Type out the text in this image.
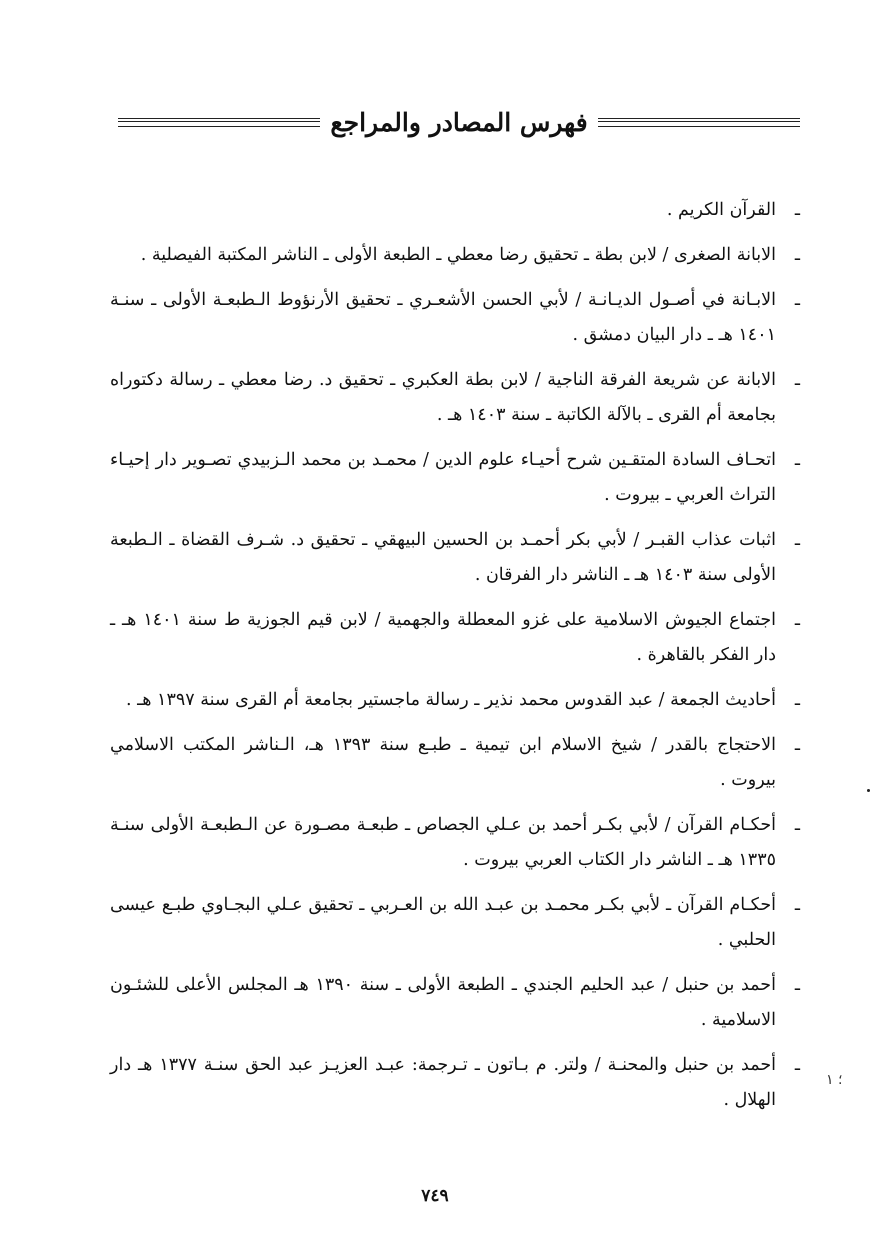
فهرس المصادر والمراجع
ـ
القرآن الكريم .
ـ
الابانة الصغرى / لابن بطة ـ تحقيق رضا معطي ـ الطبعة الأولى ـ الناشر المكتبة الفيصلية .
ـ
الابـانة في أصـول الديـانـة / لأبي الحسن الأشعـري ـ تحقيق الأرنؤوط الـطبعـة الأولى ـ سنـة ١٤٠١ هـ ـ دار البيان دمشق .
ـ
الابانة عن شريعة الفرقة الناجية / لابن بطة العكبري ـ تحقيق د. رضا معطي ـ رسالة دكتوراه بجامعة أم القرى ـ بالآلة الكاتبة ـ سنة ١٤٠٣ هـ .
ـ
اتحـاف السادة المتقـين شرح أحيـاء علوم الدين / محمـد بن محمد الـزبيدي تصـوير دار إحيـاء التراث العربي ـ بيروت .
ـ
اثبات عذاب القبـر / لأبي بكر أحمـد بن الحسين البيهقي ـ تحقيق د. شـرف القضاة ـ الـطبعة الأولى سنة ١٤٠٣ هـ ـ الناشر دار الفرقان .
ـ
اجتماع الجيوش الاسلامية على غزو المعطلة والجهمية / لابن قيم الجوزية ط سنة ١٤٠١ هـ ـ دار الفكر بالقاهرة .
ـ
أحاديث الجمعة / عبد القدوس محمد نذير ـ رسالة ماجستير بجامعة أم القرى سنة ١٣٩٧ هـ .
ـ
الاحتجاج بالقدر / شيخ الاسلام ابن تيمية ـ طبـع سنة ١٣٩٣ هـ، الـناشر المكتب الاسلامي بيروت .
ـ
أحكـام القرآن / لأبي بكـر أحمد بن عـلي الجصاص ـ طبعـة مصـورة عن الـطبعـة الأولى سنـة ١٣٣٥ هـ ـ الناشر دار الكتاب العربي بيروت .
ـ
أحكـام القرآن ـ لأبي بكـر محمـد بن عبـد الله بن العـربي ـ تحقيق عـلي البجـاوي طبـع عيسى الحلبي .
ـ
أحمد بن حنبل / عبد الحليم الجندي ـ الطبعة الأولى ـ سنة ١٣٩٠ هـ المجلس الأعلى للشئـون الاسلامية .
ـ
أحمد بن حنبل والمحنـة / ولتر. م بـاتون ـ تـرجمة: عبـد العزيـز عبد الحق سنـة ١٣٧٧ هـ دار الهلال .
؛ ١
٧٤٩
